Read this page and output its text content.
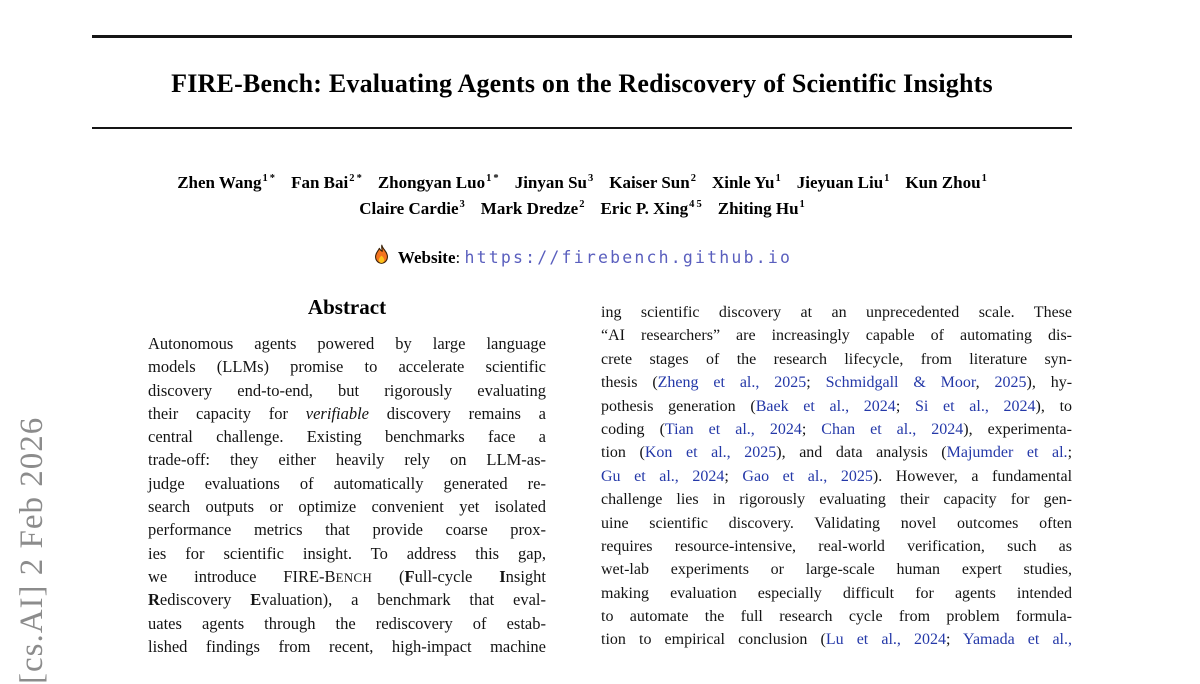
[cs.AI] 2 Feb 2026
FIRE-Bench: Evaluating Agents on the Rediscovery of Scientific Insights
Zhen Wang$^{1 *}$ Fan Bai$^{2 *}$ Zhongyan Luo$^{1 *}$ Jinyan Su$^3$ Kaiser Sun$^2$ Xinle Yu$^1$ Jieyuan Liu$^1$ Kun Zhou$^1$
Claire Cardie$^3$ Mark Dredze$^2$ Eric P. Xing$^{4 5}$ Zhiting Hu$^1$
Website: https://firebench.github.io
Abstract
Autonomous agents powered by large language
models (LLMs) promise to accelerate scientific
discovery end-to-end, but rigorously evaluating
their capacity for verifiable discovery remains a
central challenge. Existing benchmarks face a
trade-off: they either heavily rely on LLM-as-
judge evaluations of automatically generated re-
search outputs or optimize convenient yet isolated
performance metrics that provide coarse prox-
ies for scientific insight. To address this gap,
we introduce FIRE-BENCH (Full-cycle Insight
Rediscovery Evaluation), a benchmark that eval-
uates agents through the rediscovery of estab-
lished findings from recent, high-impact machine
ing scientific discovery at an unprecedented scale. These
“AI researchers” are increasingly capable of automating dis-
crete stages of the research lifecycle, from literature syn-
thesis (Zheng et al., 2025; Schmidgall & Moor, 2025), hy-
pothesis generation (Baek et al., 2024; Si et al., 2024), to
coding (Tian et al., 2024; Chan et al., 2024), experimenta-
tion (Kon et al., 2025), and data analysis (Majumder et al.;
Gu et al., 2024; Gao et al., 2025). However, a fundamental
challenge lies in rigorously evaluating their capacity for gen-
uine scientific discovery. Validating novel outcomes often
requires resource-intensive, real-world verification, such as
wet-lab experiments or large-scale human expert studies,
making evaluation especially difficult for agents intended
to automate the full research cycle from problem formula-
tion to empirical conclusion (Lu et al., 2024; Yamada et al.,
